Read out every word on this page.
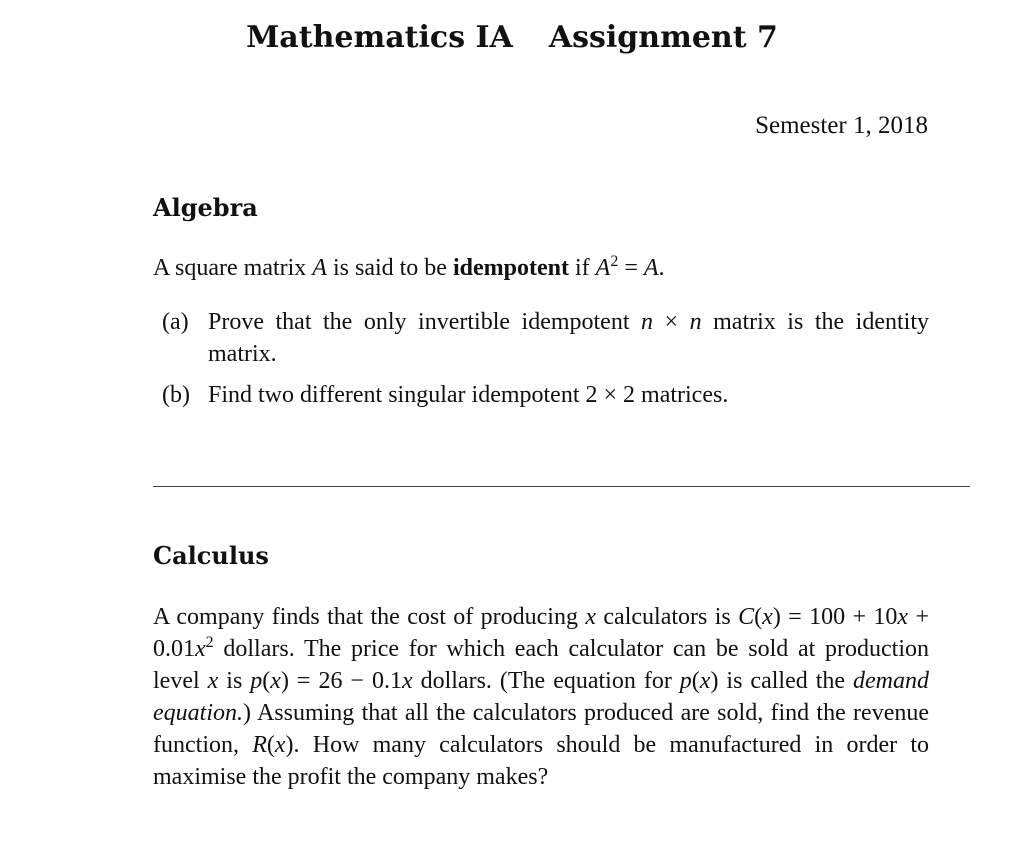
Mathematics IA Assignment 7
Semester 1, 2018
Algebra
A square matrix A is said to be idempotent if $A^2 = A$.
(a) Prove that the only invertible idempotent n × n matrix is the identity matrix.
(b) Find two different singular idempotent 2 × 2 matrices.
Calculus
A company finds that the cost of producing x calculators is $C(x) = 100 + 10x + 0.01x^2$ dollars. The price for which each calculator can be sold at production level x is p(x) = 26 − 0.1x dollars. (The equation for p(x) is called the demand equation.) Assuming that all the calculators produced are sold, find the revenue function, R(x). How many calculators should be manufactured in order to maximise the profit the company makes?
